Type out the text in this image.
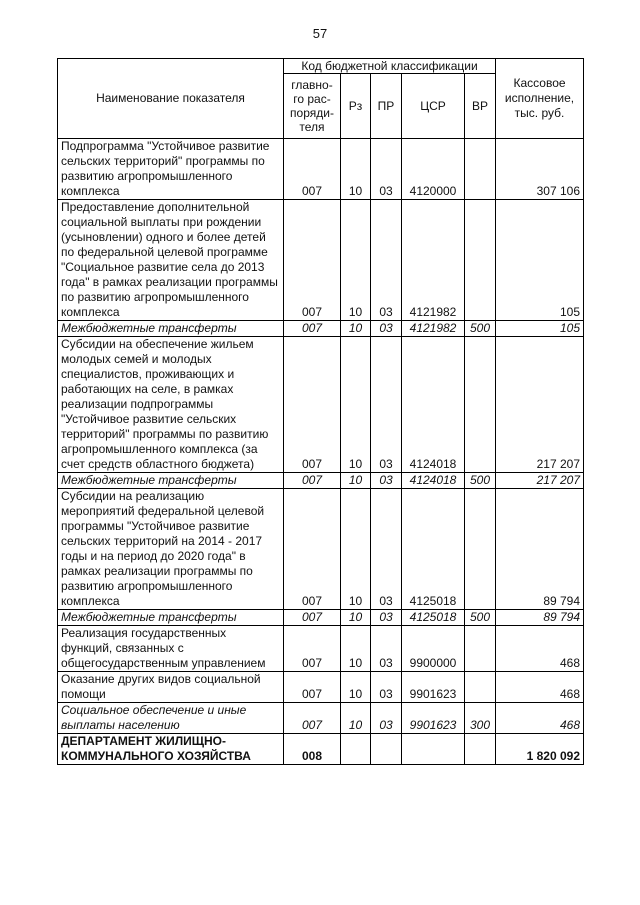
57
Наименование показателя	Код бюджетной классификации					Кассовое исполнение, тыс. руб.
	главно-го рас-поряди-теля	Рз	ПР	ЦСР	ВР	
Подпрограмма "Устойчивое развитие сельских территорий" программы по развитию агропромышленного комплекса	007	10	03	4120000		307 106
Предоставление дополнительной социальной выплаты при рождении (усыновлении) одного и более детей по федеральной целевой программе "Социальное развитие села до 2013 года" в рамках реализации программы по развитию агропромышленного комплекса	007	10	03	4121982		105
Межбюджетные трансферты	007	10	03	4121982	500	105
Субсидии на обеспечение жильем молодых семей и молодых специалистов, проживающих и работающих на селе, в рамках реализации подпрограммы "Устойчивое развитие сельских территорий" программы по развитию агропромышленного комплекса (за счет средств областного бюджета)	007	10	03	4124018		217 207
Межбюджетные трансферты	007	10	03	4124018	500	217 207
Субсидии на реализацию мероприятий федеральной целевой программы "Устойчивое развитие сельских территорий на 2014 - 2017 годы и на период до 2020 года" в рамках реализации программы по развитию агропромышленного комплекса	007	10	03	4125018		89 794
Межбюджетные трансферты	007	10	03	4125018	500	89 794
Реализация государственных функций, связанных с общегосударственным управлением	007	10	03	9900000		468
Оказание других видов социальной помощи	007	10	03	9901623		468
Социальное обеспечение и иные выплаты населению	007	10	03	9901623	300	468
ДЕПАРТАМЕНТ ЖИЛИЩНО-КОММУНАЛЬНОГО ХОЗЯЙСТВА	008					1 820 092
